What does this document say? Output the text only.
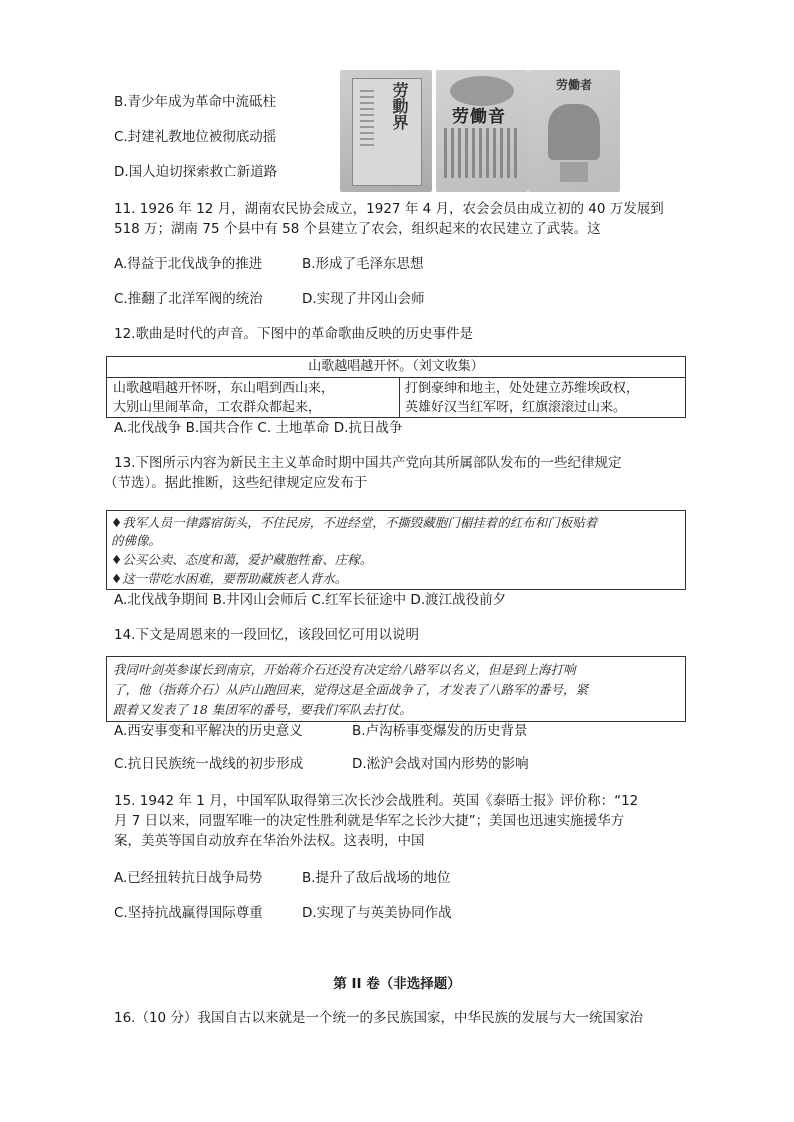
B.青少年成为革命中流砥柱
C.封建礼教地位被彻底动摇
D.国人迫切探索救亡新道路
劳動界	劳働音
劳働者
11. 1926 年 12 月，湖南农民协会成立，1927 年 4 月，农会会员由成立初的 40 万发展到
518 万；湖南 75 个县中有 58 个县建立了农会，组织起来的农民建立了武装。这
A.得益于北伐战争的推进	B.形成了毛泽东思想
C.推翻了北洋军阀的统治	D.实现了井冈山会师
12.歌曲是时代的声音。下图中的革命歌曲反映的历史事件是
山歌越唱越开怀。（刘文收集）
山歌越唱越开怀呀，东山唱到西山来，
大别山里闹革命，工农群众都起来，
打倒豪绅和地主，处处建立苏维埃政权，
英雄好汉当红军呀，红旗滚滚过山来。
A.北伐战争 B.国共合作 C. 土地革命 D.抗日战争
13.下图所示内容为新民主主义革命时期中国共产党向其所属部队发布的一些纪律规定
（节选）。据此推断，这些纪律规定应发布于
♦我军人员一律露宿街头，不住民房，不进经堂，不撕毁藏胞门楣挂着的红布和门板贴着
的佛像。
♦公买公卖、态度和蔼，爱护藏胞牲畜、庄稼。
♦这一带吃水困难，要帮助藏族老人背水。
A.北伐战争期间 B.井冈山会师后 C.红军长征途中 D.渡江战役前夕
14.下文是周恩来的一段回忆，该段回忆可用以说明
我同叶剑英参谋长到南京，开始蒋介石还没有决定给八路军以名义，但是到上海打响
了，他（指蒋介石）从庐山跑回来，觉得这是全面战争了，才发表了八路军的番号，紧
跟着又发表了 18 集团军的番号，要我们军队去打仗。
A.西安事变和平解决的历史意义	B.卢沟桥事变爆发的历史背景
C.抗日民族统一战线的初步形成	D.淞沪会战对国内形势的影响
15. 1942 年 1 月，中国军队取得第三次长沙会战胜利。英国《泰晤士报》评价称：“12
月 7 日以来，同盟军唯一的决定性胜利就是华军之长沙大捷”；美国也迅速实施援华方
案，美英等国自动放弃在华治外法权。这表明，中国
A.已经扭转抗日战争局势	B.提升了敌后战场的地位
C.坚持抗战赢得国际尊重	D.实现了与英美协同作战
第 II 卷（非选择题）
16.（10 分）我国自古以来就是一个统一的多民族国家，中华民族的发展与大一统国家治
